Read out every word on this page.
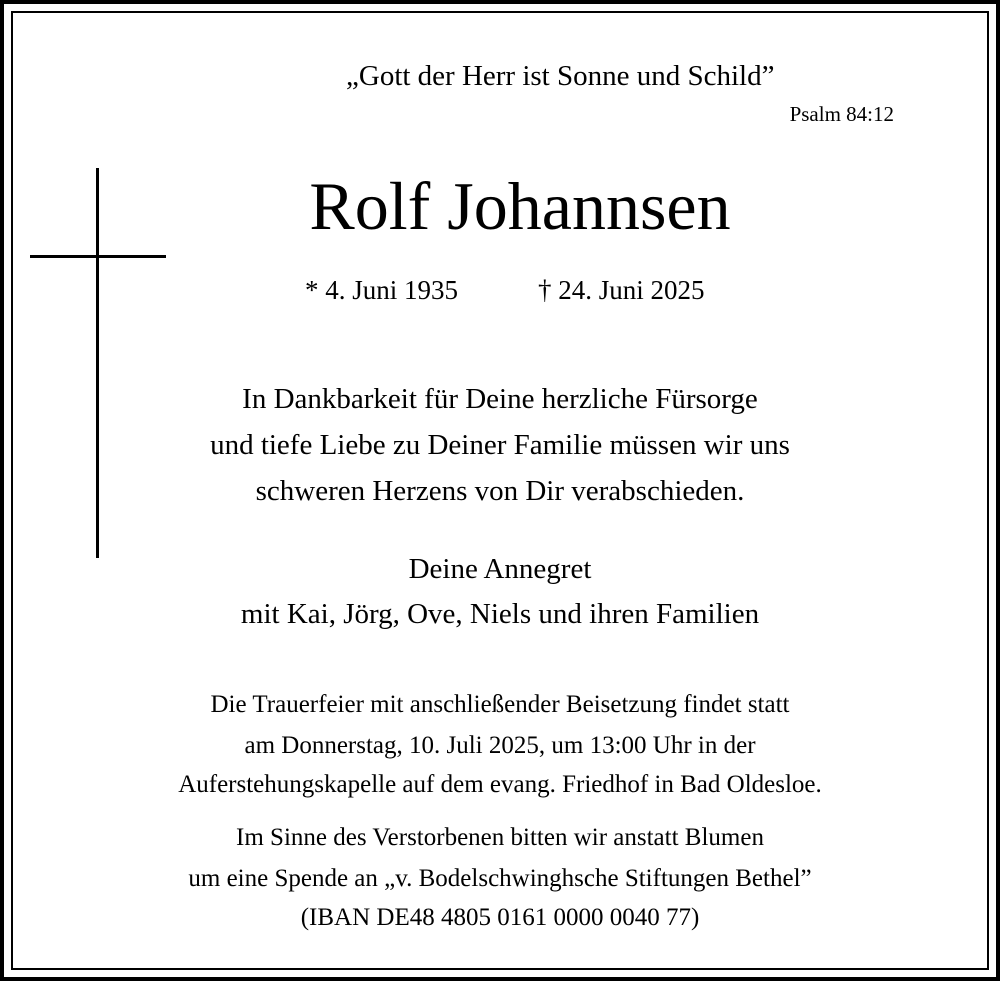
„Gott der Herr ist Sonne und Schild”
Psalm 84:12
Rolf Johannsen
* 4. Juni 1935	† 24. Juni 2025
In Dankbarkeit für Deine herzliche Fürsorge
und tiefe Liebe zu Deiner Familie müssen wir uns
schweren Herzens von Dir verabschieden.
Deine Annegret
mit Kai, Jörg, Ove, Niels und ihren Familien
Die Trauerfeier mit anschließender Beisetzung findet statt
am Donnerstag, 10. Juli 2025, um 13:00 Uhr in der
Auferstehungskapelle auf dem evang. Friedhof in Bad Oldesloe.
Im Sinne des Verstorbenen bitten wir anstatt Blumen
um eine Spende an „v. Bodelschwinghsche Stiftungen Bethel”
(IBAN DE48 4805 0161 0000 0040 77)
